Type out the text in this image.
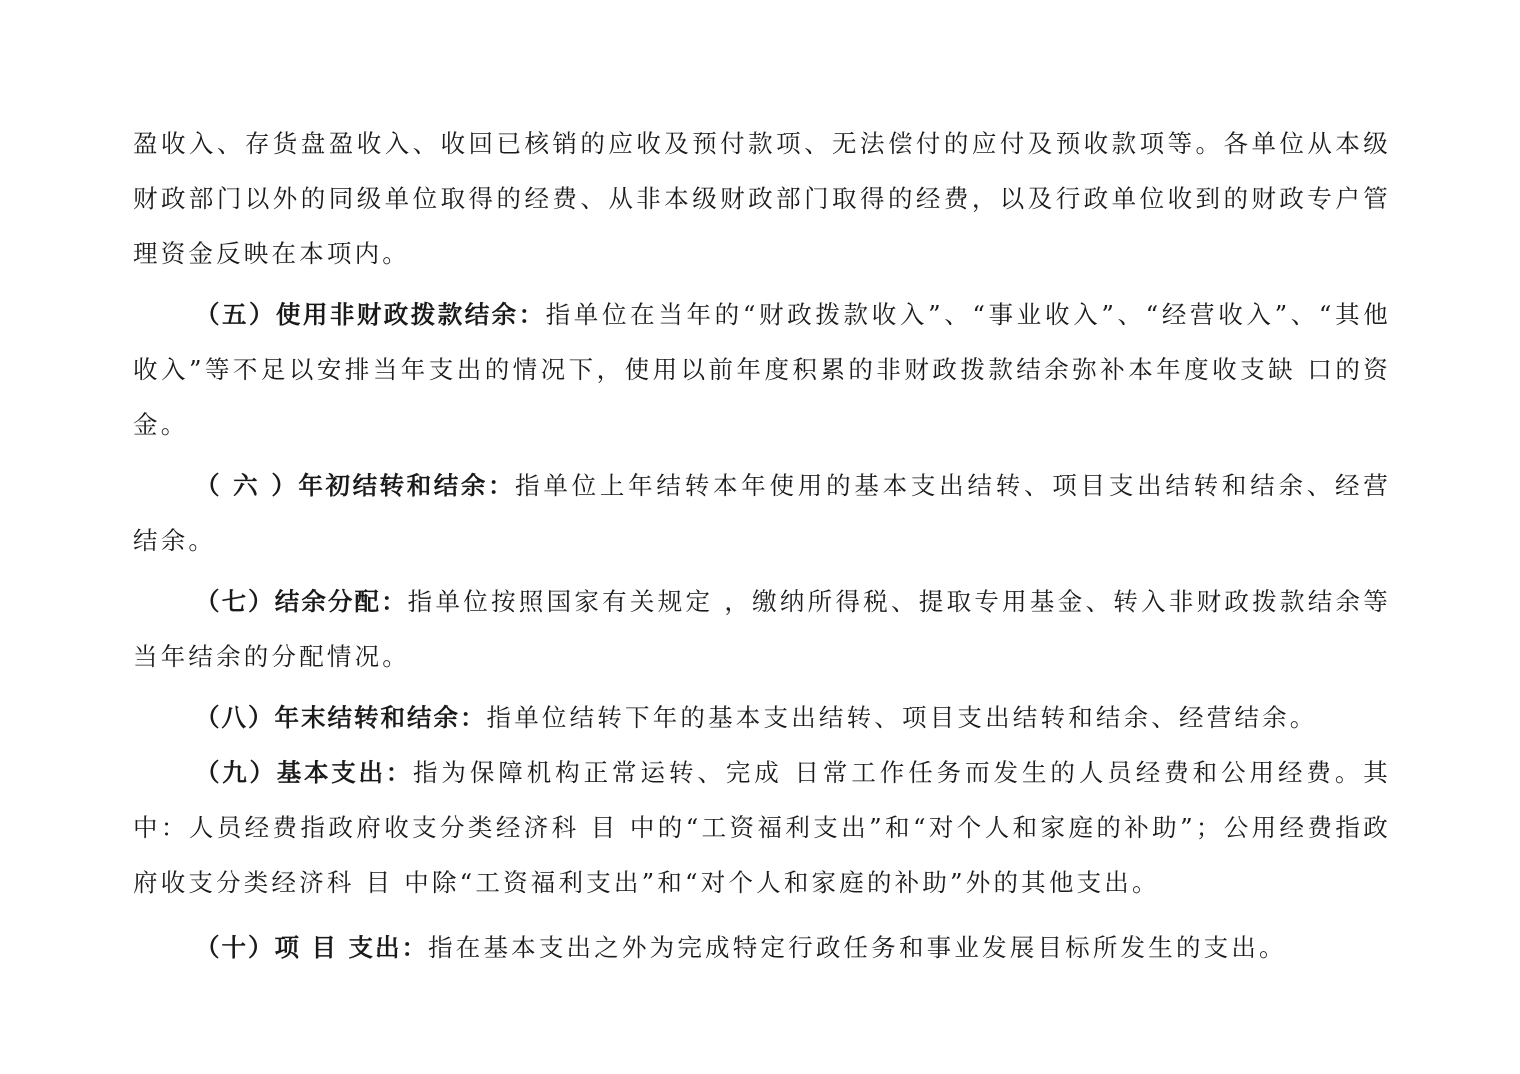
盈收入、存货盘盈收入、收回已核销的应收及预付款项、无法偿付的应付及预收款项等。各单位从本级财政部门以外的同级单位取得的经费、从非本级财政部门取得的经费，以及行政单位收到的财政专户管理资金反映在本项内。

（五）使用非财政拨款结余：指单位在当年的“财政拨款收入”、“事业收入”、“经营收入”、“其他收入”等不足以安排当年支出的情况下，使用以前年度积累的非财政拨款结余弥补本年度收支缺 口的资金。

（ 六 ）年初结转和结余：指单位上年结转本年使用的基本支出结转、项目支出结转和结余、经营结余。

（七）结余分配：指单位按照国家有关规定 ，缴纳所得税、提取专用基金、转入非财政拨款结余等当年结余的分配情况。

（八）年末结转和结余：指单位结转下年的基本支出结转、项目支出结转和结余、经营结余。

（九）基本支出：指为保障机构正常运转、完成 日常工作任务而发生的人员经费和公用经费。其中：人员经费指政府收支分类经济科 目 中的“工资福利支出”和“对个人和家庭的补助”；公用经费指政府收支分类经济科 目 中除“工资福利支出”和“对个人和家庭的补助”外的其他支出。

（十）项 目 支出：指在基本支出之外为完成特定行政任务和事业发展目标所发生的支出。
